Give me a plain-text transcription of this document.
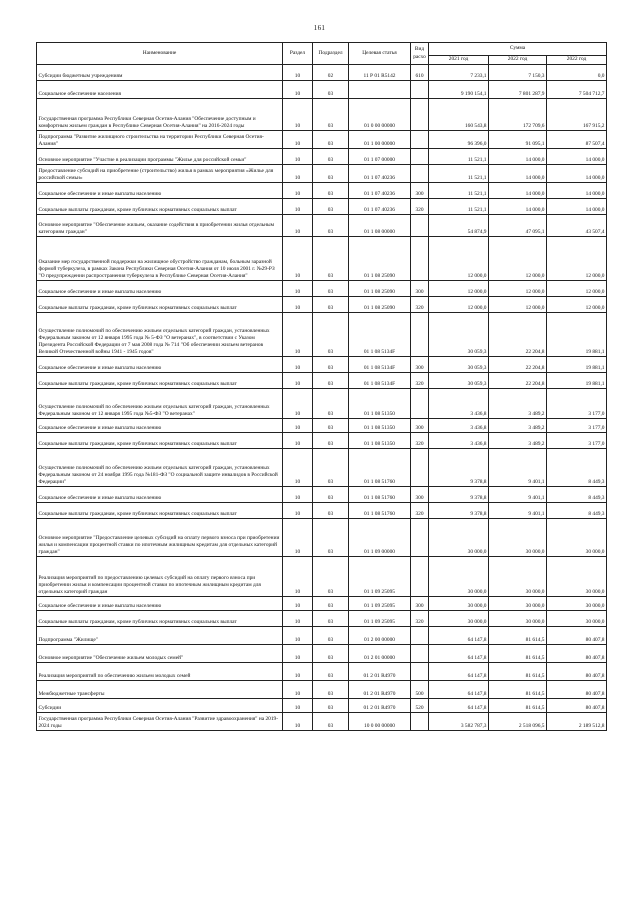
161
Наименование	Раздел	Подраздел	Целевая статья	Вид расхо	Сумма		
					2021 год	2022 год	2022 год
Субсидии бюджетным учреждениям	10	02	11 Р 01 R5142	610	7 233,1	7 150,3	0,0
Социальное обеспечение населения	10	03			9 190 154,1	7 801 287,9	7 504 712,7
Государственная программа Республики Северная Осетия-Алания "Обеспечение доступным и комфортным жильем граждан в Республике Северная Осетия-Алания" на 2016-2024 годы	10	03	01 0 00 00000		160 543,8	172 709,6	167 915,2
Подпрограмма "Развитие жилищного строительства на территории Республики Северная Осетия-Алания"	10	03	01 1 00 00000		96 396,0	91 095,1	87 507,4
Основное мероприятие "Участие в реализации программы "Жилье для российской семьи"	10	03	01 1 07 00000		11 521,1	14 000,0	14 000,0
Предоставление субсидий на приобретение (строительство) жилья в рамках мероприятия «Жилье для российской семьи»	10	03	01 1 07 40236		11 521,1	14 000,0	14 000,0
Социальное обеспечение и иные выплаты населению	10	03	01 1 07 40236	300	11 521,1	14 000,0	14 000,0
Социальные выплаты гражданам, кроме публичных нормативных социальных выплат	10	03	01 1 07 40236	320	11 521,1	14 000,0	14 000,0
Основное мероприятие "Обеспечение жильем, оказание содействия в приобретении жилья отдельным категориям граждан"	10	03	01 1 08 00000		54 874,9	47 095,1	43 507,4
Оказание мер государственной поддержки на жилищное обустройство гражданам, больным заразной формой туберкулеза, в рамках Закона Республики Северная Осетия-Алания от 10 июля 2001 г. №29-РЗ "О предупреждении распространения туберкулеза в Республике Северная Осетия-Алания"	10	03	01 1 08 25090		12 000,0	12 000,0	12 000,0
Социальное обеспечение и иные выплаты населению	10	03	01 1 08 25090	300	12 000,0	12 000,0	12 000,0
Социальные выплаты гражданам, кроме публичных нормативных социальных выплат	10	03	01 1 08 25090	320	12 000,0	12 000,0	12 000,0
Осуществление полномочий по обеспечению жильем отдельных категорий граждан, установленных Федеральным законом от 12 января 1995 года № 5-ФЗ "О ветеранах", в соответствии с Указом Президента Российской Федерации от 7 мая 2008 года № 714 "Об обеспечении жильем ветеранов Великой Отечественной войны 1941 - 1945 годов"	10	03	01 1 08 5134F		30 059,3	22 204,8	19 881,1
Социальное обеспечение и иные выплаты населению	10	03	01 1 08 5134F	300	30 059,3	22 204,8	19 881,1
Социальные выплаты гражданам, кроме публичных нормативных социальных выплат	10	03	01 1 08 5134F	320	30 059,3	22 204,8	19 881,1
Осуществление полномочий по обеспечению жильем отдельных категорий граждан, установленных Федеральным законом от 12 января 1995 года №5-ФЗ "О ветеранах"	10	03	01 1 08 51350		3 436,8	3 489,2	3 177,0
Социальное обеспечение и иные выплаты населению	10	03	01 1 08 51350	300	3 436,8	3 489,2	3 177,0
Социальные выплаты гражданам, кроме публичных нормативных социальных выплат	10	03	01 1 08 51350	320	3 436,8	3 489,2	3 177,0
Осуществление полномочий по обеспечению жильем отдельных категорий граждан, установленных Федеральным законом от 24 ноября 1995 года №181-ФЗ "О социальной защите инвалидов в Российской Федерации"	10	03	01 1 08 51760		9 378,8	9 401,1	8 449,3
Социальное обеспечение и иные выплаты населению	10	03	01 1 08 51760	300	9 378,8	9 401,1	8 449,3
Социальные выплаты гражданам, кроме публичных нормативных социальных выплат	10	03	01 1 08 51760	320	9 378,8	9 401,1	8 449,3
Основное мероприятие "Предоставление целевых субсидий на оплату первого взноса при приобретении жилья и компенсации процентной ставки по ипотечным жилищным кредитам для отдельных категорий граждан"	10	03	01 1 09 00000		30 000,0	30 000,0	30 000,0
Реализация мероприятий по предоставлению целевых субсидий на оплату первого взноса при приобретении жилья и компенсации процентной ставки по ипотечным жилищным кредитам для отдельных категорий граждан	10	03	01 1 09 25095		30 000,0	30 000,0	30 000,0
Социальное обеспечение и иные выплаты населению	10	03	01 1 09 25095	300	30 000,0	30 000,0	30 000,0
Социальные выплаты гражданам, кроме публичных нормативных социальных выплат	10	03	01 1 09 25095	320	30 000,0	30 000,0	30 000,0
Подпрограмма "Жилище"	10	03	01 2 00 00000		64 147,8	81 614,5	80 407,8
Основное мероприятие "Обеспечение жильем молодых семей"	10	03	01 2 01 00000		64 147,8	81 614,5	80 407,8
Реализация мероприятий по обеспечению жильем молодых семей	10	03	01 2 01 R4970		64 147,8	81 614,5	80 407,8
Межбюджетные трансферты	10	03	01 2 01 R4970	500	64 147,8	81 614,5	80 407,8
Субсидии	10	03	01 2 01 R4970	520	64 147,8	81 614,5	80 407,8
Государственная программа Республики Северная Осетия-Алания "Развитие здравоохранения" на 2019-2024 годы	10	03	10 0 00 00000		3 582 787,3	2 518 096,5	2 189 512,8
